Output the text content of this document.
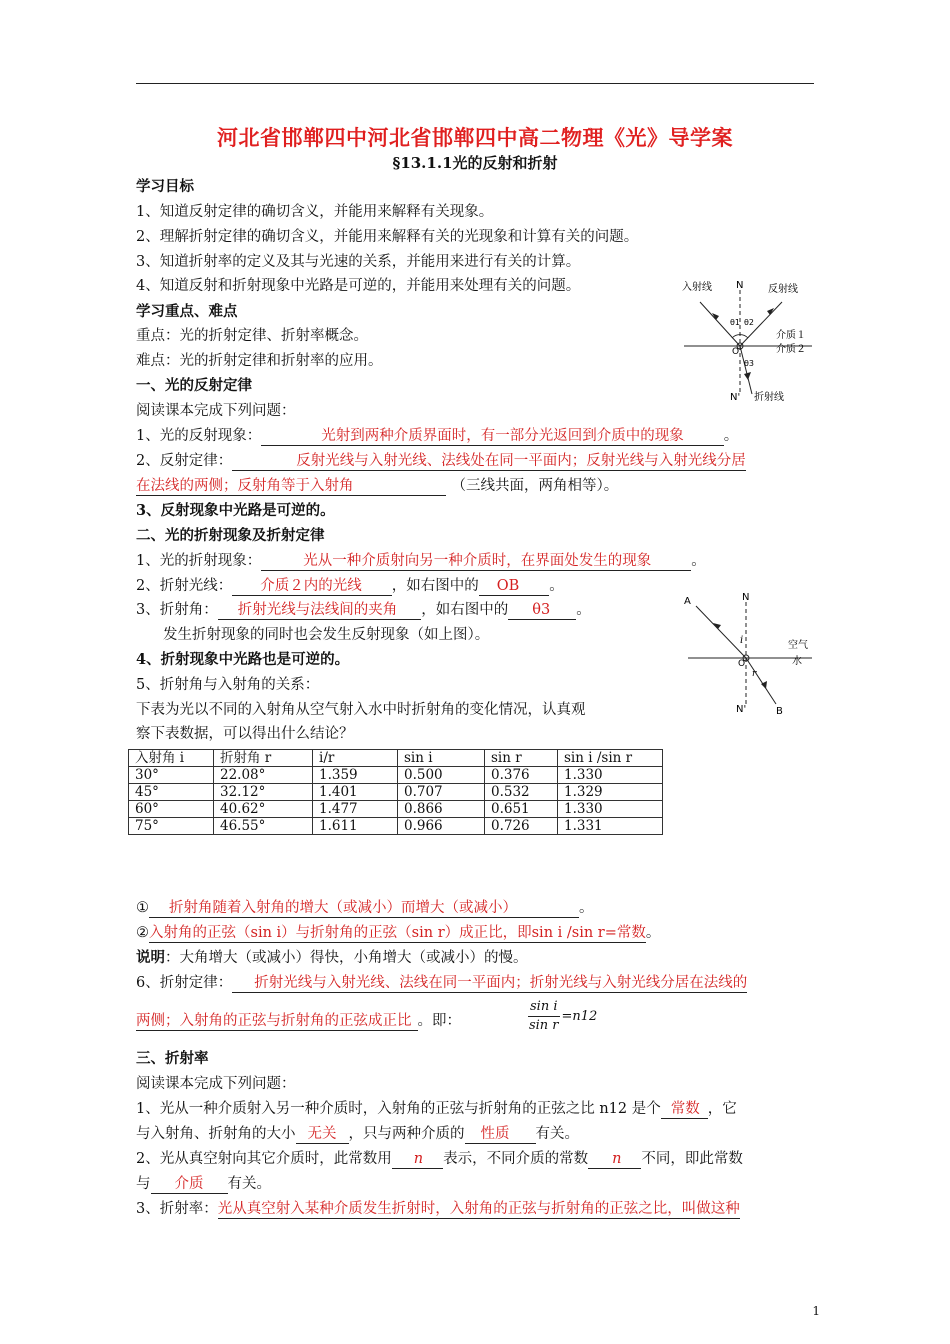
河北省邯郸四中河北省邯郸四中高二物理《光》导学案
§13.1.1光的反射和折射
学习目标
1、知道反射定律的确切含义，并能用来解释有关现象。
2、理解折射定律的确切含义，并能用来解释有关的光现象和计算有关的问题。
3、知道折射率的定义及其与光速的关系，并能用来进行有关的计算。
4、知道反射和折射现象中光路是可逆的，并能用来处理有关的问题。
学习重点、难点
重点：光的折射定律、折射率概念。
难点：光的折射定律和折射率的应用。
一、光的反射定律
阅读课本完成下列问题：
1、光的反射现象：	光射到两种介质界面时，有一部分光返回到介质中的现象	。
2、反射定律：	反射光线与入射光线、法线处在同一平面内；反射光线与入射光线分居
在法线的两侧；反射角等于入射角	（三线共面，两角相等）。
3、反射现象中光路是可逆的。
二、光的折射现象及折射定律
1、光的折射现象：	光从一种介质射向另一种介质时，在界面处发生的现象	。
2、折射光线： 介质２内的光线 ，如右图中的 OB 。
3、折射角： 折射光线与法线间的夹角 ，如右图中的 θ3 。
发生折射现象的同时也会发生反射现象（如上图）。
4、折射现象中光路也是可逆的。
5、折射角与入射角的关系：
下表为光以不同的入射角从空气射入水中时折射角的变化情况，认真观
察下表数据，可以得出什么结论？
入射角 i	折射角 r	i/r	sin i	sin r	sin i /sin r
30°	22.08°	1.359	0.500	0.376	1.330
45°	32.12°	1.401	0.707	0.532	1.329
60°	40.62°	1.477	0.866	0.651	1.330
75°	46.55°	1.611	0.966	0.726	1.331
① 折射角随着入射角的增大（或减小）而增大（或减小）	。
②入射角的正弦（sin i）与折射角的正弦（sin r）成正比，即sin i /sin r=常数。
说明：大角增大（或减小）得快，小角增大（或减小）的慢。
6、折射定律： 折射光线与入射光线、法线在同一平面内；折射光线与入射光线分居在法线的
两侧；入射角的正弦与折射角的正弦成正比 。即：	$\frac{\text{sin i}}{\text{sin r}} =n12$
三、折射率
阅读课本完成下列问题：
1、光从一种介质射入另一种介质时，入射角的正弦与折射角的正弦之比 n12 是个 常数 ，它
与入射角、折射角的大小 无关 ，只与两种介质的 性质 有关。
2、光从真空射向其它介质时，此常数用 n 表示，不同介质的常数 n 不同，即此常数
与 介质 有关。
3、折射率：光从真空射入某种介质发生折射时，入射角的正弦与折射角的正弦之比，叫做这种
入射线 N 反射线
θ1 θ2
介质１
介质２
O
θ3
N' 折射线
A	N
i	空气
水
O
r
N'	B
1
